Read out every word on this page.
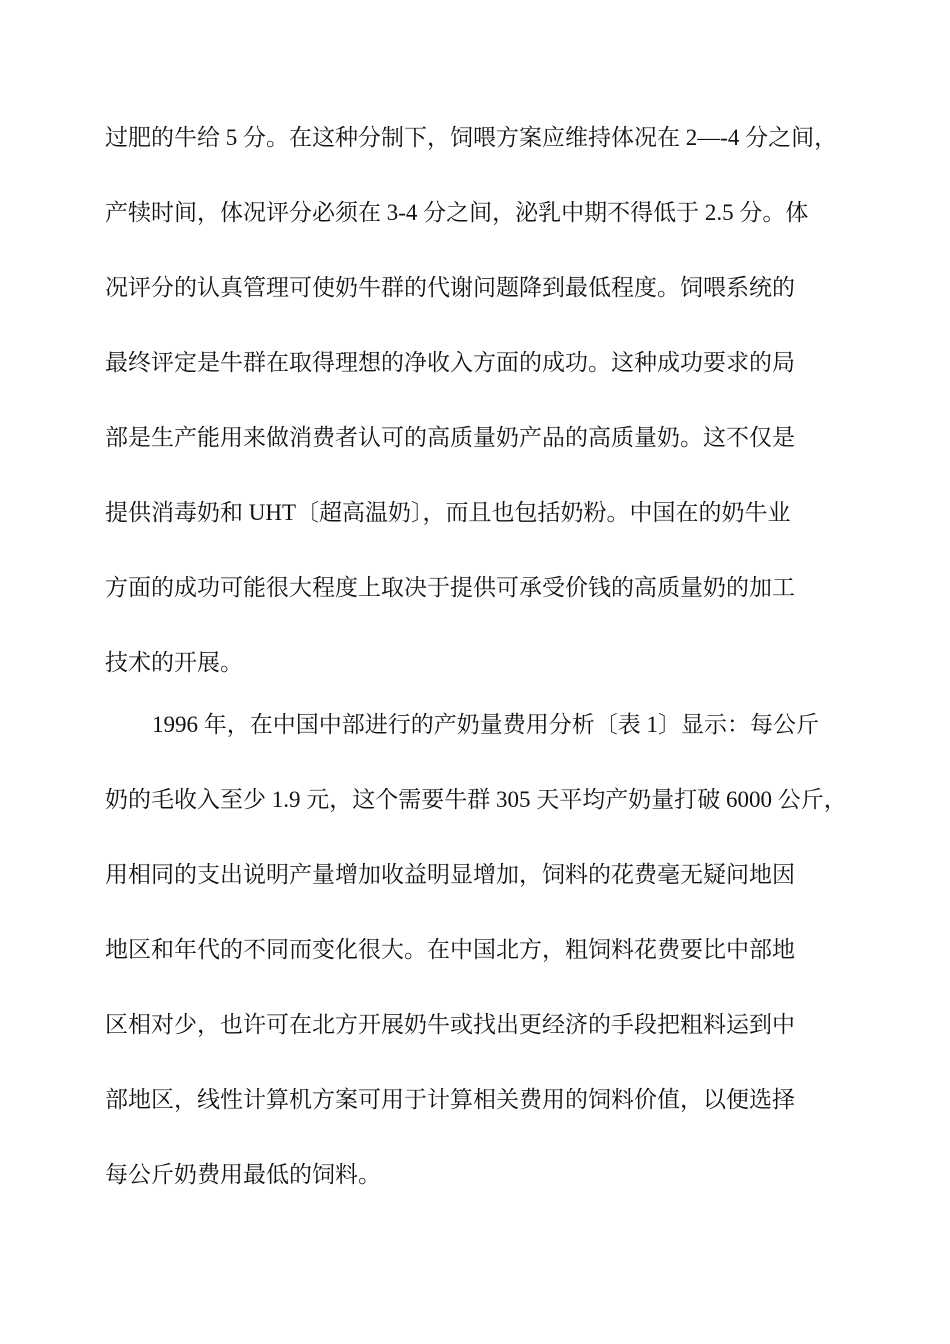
过肥的牛给 5 分。在这种分制下，饲喂方案应维持体况在 2—-4 分之间，
产犊时间，体况评分必须在 3-4 分之间，泌乳中期不得低于 2.5 分。体
况评分的认真管理可使奶牛群的代谢问题降到最低程度。饲喂系统的
最终评定是牛群在取得理想的净收入方面的成功。这种成功要求的局
部是生产能用来做消费者认可的高质量奶产品的高质量奶。这不仅是
提供消毒奶和 UHT〔超高温奶〕，而且也包括奶粉。中国在的奶牛业
方面的成功可能很大程度上取决于提供可承受价钱的高质量奶的加工
技术的开展。
1996 年，在中国中部进行的产奶量费用分析〔表 1〕显示：每公斤
奶的毛收入至少 1.9 元，这个需要牛群 305 天平均产奶量打破 6000 公斤，
用相同的支出说明产量增加收益明显增加，饲料的花费毫无疑问地因
地区和年代的不同而变化很大。在中国北方，粗饲料花费要比中部地
区相对少，也许可在北方开展奶牛或找出更经济的手段把粗料运到中
部地区，线性计算机方案可用于计算相关费用的饲料价值，以便选择
每公斤奶费用最低的饲料。
